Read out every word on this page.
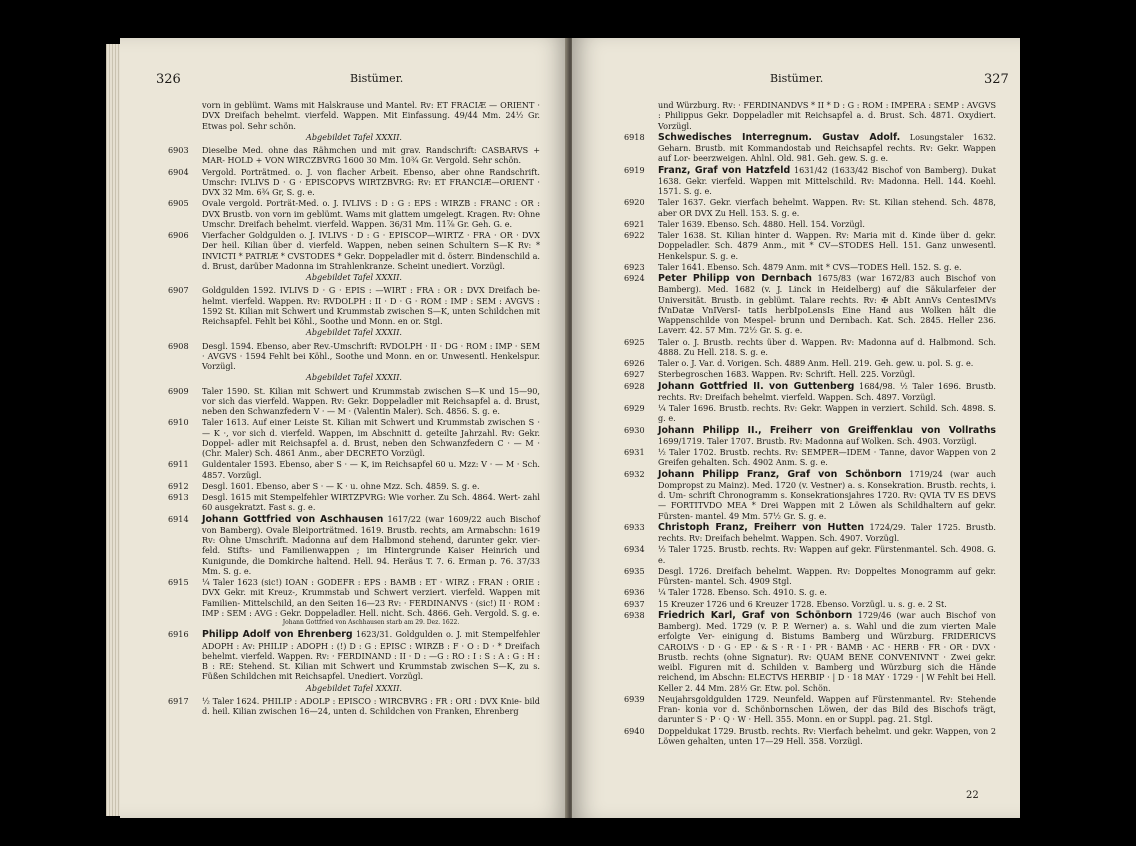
326	Bistümer.
vorn in geblümt. Wams mit Halskrause und Mantel. Rv: ET FRACIÆ — ORIENT · DVX Dreifach behelmt. vierfeld. Wappen. Mit Einfassung. 49/44 Mm. 24½ Gr. Etwas pol. Sehr schön.
Abgebildet Tafel XXXII.
6903	Dieselbe Med. ohne das Rähmchen und mit grav. Randschrift: CASBARVS + MAR- HOLD + VON WIRCZBVRG 1600 30 Mm. 10¾ Gr. Vergold. Sehr schön.
6904	Vergold. Porträtmed. o. J. von flacher Arbeit. Ebenso, aber ohne Randschrift. Umschr: IVLIVS D · G · EPISCOPVS WIRTZBVRG: Rv: ET FRANCIÆ—ORIENT · DVX 32 Mm. 6¾ Gr, S. g. e.
6905	Ovale vergold. Porträt-Med. o. J. IVLIVS : D : G : EPS : WIRZB : FRANC : OR : DVX Brustb. von vorn im geblümt. Wams mit glattem umgelegt. Kragen. Rv: Ohne Umschr. Dreifach behelmt. vierfeld. Wappen. 36/31 Mm. 11⅞ Gr. Geh. G. e.
6906	Vierfacher Goldgulden o. J. IVLIVS · D : G · EPISCOP—WIRTZ · FRA · OR · DVX Der heil. Kilian über d. vierfeld. Wappen, neben seinen Schultern S—K Rv: * INVICTI * PATRIÆ * CVSTODES * Gekr. Doppeladler mit d. österr. Bindenschild a. d. Brust, darüber Madonna im Strahlenkranze. Scheint unediert. Vorzügl.
Abgebildet Tafel XXXII.
6907	Goldgulden 1592. IVLIVS D · G · EPIS : —WIRT : FRA : OR : DVX Dreifach be- helmt. vierfeld. Wappen. Rv: RVDOLPH : II · D · G · ROM : IMP : SEM : AVGVS : 1592 St. Kilian mit Schwert und Krummstab zwischen S—K, unten Schildchen mit Reichsapfel. Fehlt bei Köhl., Soothe und Monn. en or. Stgl.
Abgebildet Tafel XXXII.
6908	Desgl. 1594. Ebenso, aber Rev.-Umschrift: RVDOLPH · II · DG · ROM : IMP · SEM · AVGVS · 1594 Fehlt bei Köhl., Soothe und Monn. en or. Unwesentl. Henkelspur. Vorzügl.
Abgebildet Tafel XXXII.
6909	Taler 1590. St. Kilian mit Schwert und Krummstab zwischen S—K und 15—90, vor sich das vierfeld. Wappen. Rv: Gekr. Doppeladler mit Reichsapfel a. d. Brust, neben den Schwanzfedern V · — M · (Valentin Maler). Sch. 4856. S. g. e.
6910	Taler 1613. Auf einer Leiste St. Kilian mit Schwert und Krummstab zwischen S · — K ·, vor sich d. vierfeld. Wappen, im Abschnitt d. geteilte Jahrzahl. Rv: Gekr. Doppel- adler mit Reichsapfel a. d. Brust, neben den Schwanzfedern C · — M · (Chr. Maler) Sch. 4861 Anm., aber DECRETO Vorzügl.
6911	Guldentaler 1593. Ebenso, aber S · — K, im Reichsapfel 60 u. Mzz: V · — M · Sch. 4857. Vorzügl.
6912	Desgl. 1601. Ebenso, aber S · — K · u. ohne Mzz. Sch. 4859. S. g. e.
6913	Desgl. 1615 mit Stempelfehler WIRTZPVRG: Wie vorher. Zu Sch. 4864. Wert- zahl 60 ausgekratzt. Fast s. g. e.
6914	Johann Gottfried von Aschhausen 1617/22 (war 1609/22 auch Bischof von Bamberg). Ovale Bleiporträtmed. 1619. Brustb. rechts, am Armabschn: 1619 Rv: Ohne Umschrift. Madonna auf dem Halbmond stehend, darunter gekr. vier- feld. Stifts- und Familienwappen ; im Hintergrunde Kaiser Heinrich und Kunigunde, die Domkirche haltend. Hell. 94. Heräus T. 7. 6. Erman p. 76. 37/33 Mm. S. g. e.
6915	¼ Taler 1623 (sic!) IOAN : GODEFR : EPS : BAMB : ET · WIRZ : FRAN : ORIE : DVX Gekr. mit Kreuz-, Krummstab und Schwert verziert. vierfeld. Wappen mit Familien- Mittelschild, an den Seiten 16—23 Rv: · FERDINANVS · (sic!) II · ROM : IMP : SEM : AVG : Gekr. Doppeladler. Hell. nicht. Sch. 4866. Geh. Vergold. S. g. e.
Johann Gottfried von Aschhausen starb am 29. Dez. 1622.
6916	Philipp Adolf von Ehrenberg 1623/31. Goldgulden o. J. mit Stempelfehler ADOPH : Av: PHILIP : ADOPH : (!) D : G : EPISC : WIRZB : F · O : D · * Dreifach behelmt. vierfeld. Wappen. Rv: · FERDINAND : II · D : —G : RO : I : S : A : G : H : B : RE: Stehend. St. Kilian mit Schwert und Krummstab zwischen S—K, zu s. Füßen Schildchen mit Reichsapfel. Unediert. Vorzügl.
Abgebildet Tafel XXXII.
6917	½ Taler 1624. PHILIP : ADOLP : EPISCO : WIRCBVRG : FR : ORI : DVX Knie- bild d. heil. Kilian zwischen 16—24, unten d. Schildchen von Franken, Ehrenberg
Bistümer.	327
und Würzburg. Rv: · FERDINANDVS * II * D : G : ROM : IMPERA : SEMP : AVGVS : Philippus Gekr. Doppeladler mit Reichsapfel a. d. Brust. Sch. 4871. Oxydiert. Vorzügl.
6918	Schwedisches Interregnum. Gustav Adolf. Losungstaler 1632. Geharn. Brustb. mit Kommandostab und Reichsapfel rechts. Rv: Gekr. Wappen auf Lor- beerzweigen. Ahlnl. Old. 981. Geh. gew. S. g. e.
6919	Franz, Graf von Hatzfeld 1631/42 (1633/42 Bischof von Bamberg). Dukat 1638. Gekr. vierfeld. Wappen mit Mittelschild. Rv: Madonna. Hell. 144. Koehl. 1571. S. g. e.
6920	Taler 1637. Gekr. vierfach behelmt. Wappen. Rv: St. Kilian stehend. Sch. 4878, aber OR DVX Zu Hell. 153. S. g. e.
6921	Taler 1639. Ebenso. Sch. 4880. Hell. 154. Vorzügl.
6922	Taler 1638. St. Kilian hinter d. Wappen. Rv: Maria mit d. Kinde über d. gekr. Doppeladler. Sch. 4879 Anm., mit * CV—STODES Hell. 151. Ganz unwesentl. Henkelspur. S. g. e.
6923	Taler 1641. Ebenso. Sch. 4879 Anm. mit * CVS—TODES Hell. 152. S. g. e.
6924	Peter Philipp von Dernbach 1675/83 (war 1672/83 auch Bischof von Bamberg). Med. 1682 (v. J. Linck in Heidelberg) auf die Säkularfeier der Universität. Brustb. in geblümt. Talare rechts. Rv: ✠ AbIt AnnVs CentesIMVs fVnDatæ VnIVersI- tatIs herbIpoLensIs Eine Hand aus Wolken hält die Wappenschilde von Mespel- brunn und Dernbach. Kat. Sch. 2845. Heller 236. Laverr. 42. 57 Mm. 72½ Gr. S. g. e.
6925	Taler o. J. Brustb. rechts über d. Wappen. Rv: Madonna auf d. Halbmond. Sch. 4888. Zu Hell. 218. S. g. e.
6926	Taler o. J. Var. d. Vorigen. Sch. 4889 Anm. Hell. 219. Geh. gew. u. pol. S. g. e.
6927	Sterbegroschen 1683. Wappen. Rv: Schrift. Hell. 225. Vorzügl.
6928	Johann Gottfried II. von Guttenberg 1684/98. ½ Taler 1696. Brustb. rechts. Rv: Dreifach behelmt. vierfeld. Wappen. Sch. 4897. Vorzügl.
6929	¼ Taler 1696. Brustb. rechts. Rv: Gekr. Wappen in verziert. Schild. Sch. 4898. S. g. e.
6930	Johann Philipp II., Freiherr von Greiffenklau von Vollraths 1699/1719. Taler 1707. Brustb. Rv: Madonna auf Wolken. Sch. 4903. Vorzügl.
6931	½ Taler 1702. Brustb. rechts. Rv: SEMPER—IDEM · Tanne, davor Wappen von 2 Greifen gehalten. Sch. 4902 Anm. S. g. e.
6932	Johann Philipp Franz, Graf von Schönborn 1719/24 (war auch Dompropst zu Mainz). Med. 1720 (v. Vestner) a. s. Konsekration. Brustb. rechts, i. d. Um- schrift Chronogramm s. Konsekrationsjahres 1720. Rv: QVIA TV ES DEVS— FORTITVDO MEA * Drei Wappen mit 2 Löwen als Schildhaltern auf gekr. Fürsten- mantel. 49 Mm. 57½ Gr. S. g. e.
6933	Christoph Franz, Freiherr von Hutten 1724/29. Taler 1725. Brustb. rechts. Rv: Dreifach behelmt. Wappen. Sch. 4907. Vorzügl.
6934	½ Taler 1725. Brustb. rechts. Rv: Wappen auf gekr. Fürstenmantel. Sch. 4908. G. e.
6935	Desgl. 1726. Dreifach behelmt. Wappen. Rv: Doppeltes Monogramm auf gekr. Fürsten- mantel. Sch. 4909 Stgl.
6936	¼ Taler 1728. Ebenso. Sch. 4910. S. g. e.
6937	15 Kreuzer 1726 und 6 Kreuzer 1728. Ebenso. Vorzügl. u. s. g. e. 2 St.
6938	Friedrich Karl, Graf von Schönborn 1729/46 (war auch Bischof von Bamberg). Med. 1729 (v. P. P. Werner) a. s. Wahl und die zum vierten Male erfolgte Ver- einigung d. Bistums Bamberg und Würzburg. FRIDERICVS CAROLVS · D · G · EP · & S · R · I · PR · BAMB · AC · HERB · FR · OR · DVX · Brustb. rechts (ohne Signatur). Rv: QUAM BENE CONVENIVNT · Zwei gekr. weibl. Figuren mit d. Schilden v. Bamberg und Würzburg sich die Hände reichend, im Abschn: ELECTVS HERBIP · | D · 18 MAY · 1729 · | W Fehlt bei Hell. Keller 2. 44 Mm. 28½ Gr. Etw. pol. Schön.
6939	Neujahrsgoldgulden 1729. Neunfeld. Wappen auf Fürstenmantel. Rv: Stehende Fran- konia vor d. Schönbornschen Löwen, der das Bild des Bischofs trägt, darunter S · P · Q · W · Hell. 355. Monn. en or Suppl. pag. 21. Stgl.
6940	Doppeldukat 1729. Brustb. rechts. Rv: Vierfach behelmt. und gekr. Wappen, von 2 Löwen gehalten, unten 17—29 Hell. 358. Vorzügl.
22
